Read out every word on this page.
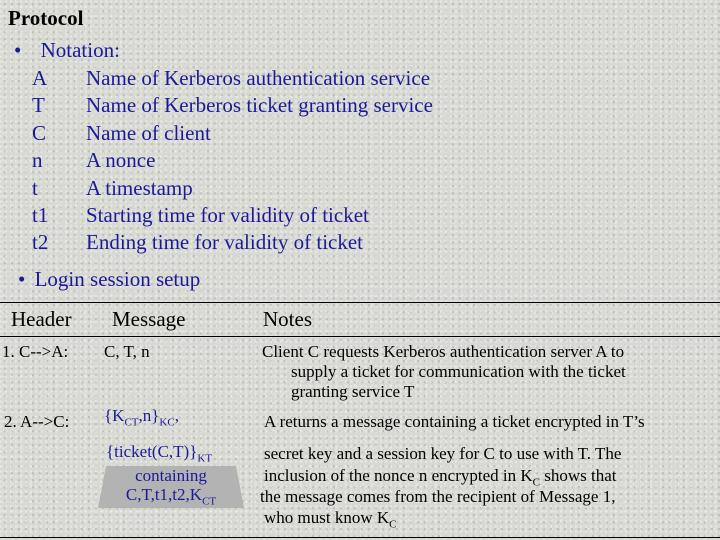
Protocol
• Notation:
A Name of Kerberos authentication service
T Name of Kerberos ticket granting service
C Name of client
n A nonce
t A timestamp
t1 Starting time for validity of ticket
t2 Ending time for validity of ticket
• Login session setup
Header Message	Notes
1. C-->A: C, T, n	Client C requests Kerberos authentication server A to
supply a ticket for communication with the ticket
granting service T
2. A-->C: $\{K_{CT},n\}_{KC}$,
$\{ticket(C,T)\}_{KT}$
containing
$C,T,t1,t2,K_{CT}$
A returns a message containing a ticket encrypted in T’s
secret key and a session key for C to use with T. The
inclusion of the nonce n encrypted in $K_C$ shows that
the message comes from the recipient of Message 1,
who must know $K_C$
